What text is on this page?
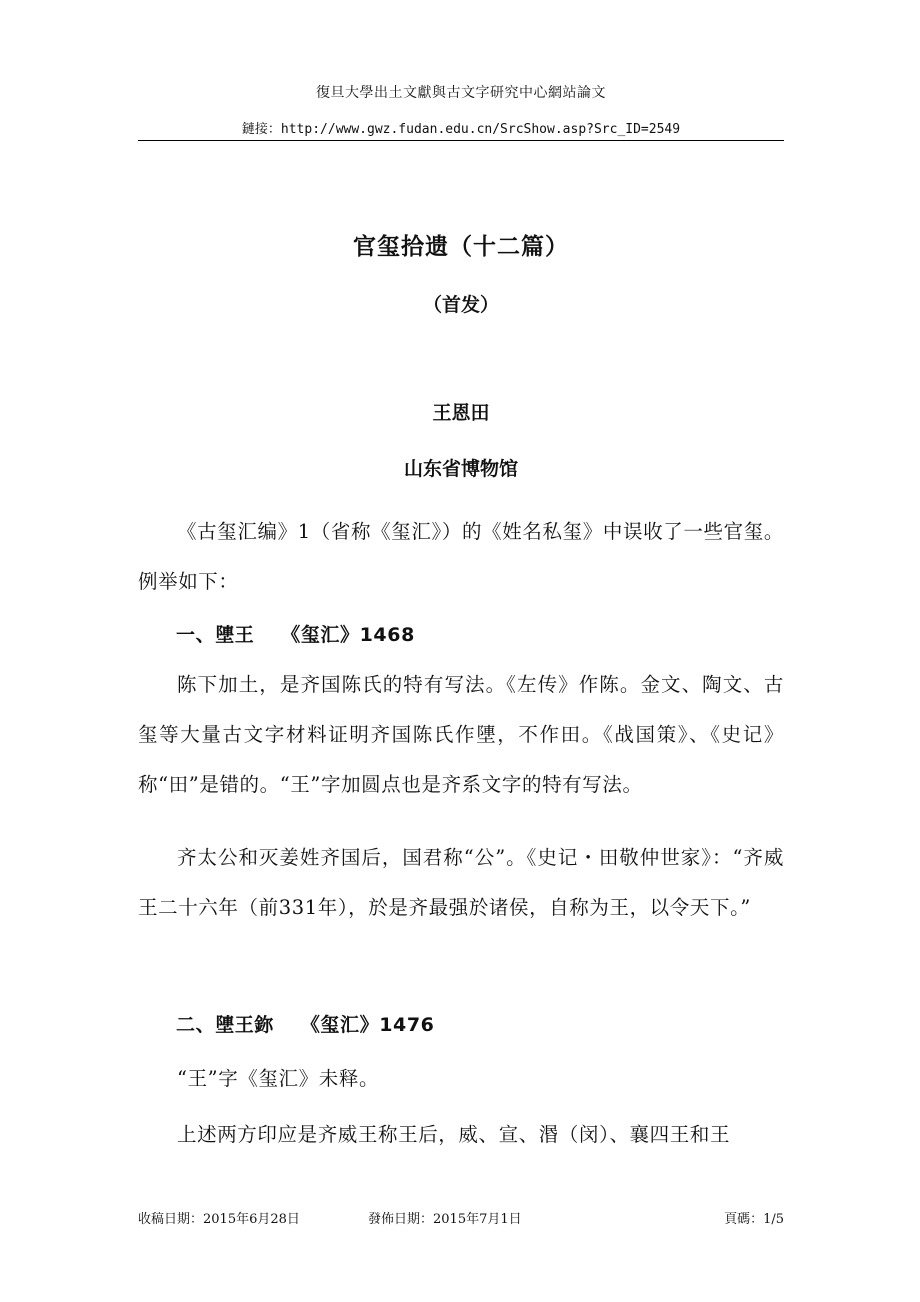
復旦大學出土文獻與古文字研究中心網站論文
鏈接：http://www.gwz.fudan.edu.cn/SrcShow.asp?Src_ID=2549
官玺拾遗（十二篇）
（首发）
王恩田
山东省博物馆

《古玺汇编》1（省称《玺汇》）的《姓名私玺》中误收了一些官玺。例举如下：

一、塦王　 《玺汇》1468

陈下加土，是齐国陈氏的特有写法。《左传》作陈。金文、陶文、古玺等大量古文字材料证明齐国陈氏作塦，不作田。《战国策》、《史记》称“田”是错的。“王”字加圆点也是齐系文字的特有写法。

齐太公和灭姜姓齐国后，国君称“公”。《史记・田敬仲世家》：“齐威王二十六年（前331年），於是齐最强於诸侯，自称为王，以令天下。”

二、塦王鉨　 《玺汇》1476

“王”字《玺汇》未释。

上述两方印应是齐威王称王后，威、宣、湣（闵）、襄四王和王

收稿日期：2015年6月28日	發佈日期：2015年7月1日	頁碼：1/5
